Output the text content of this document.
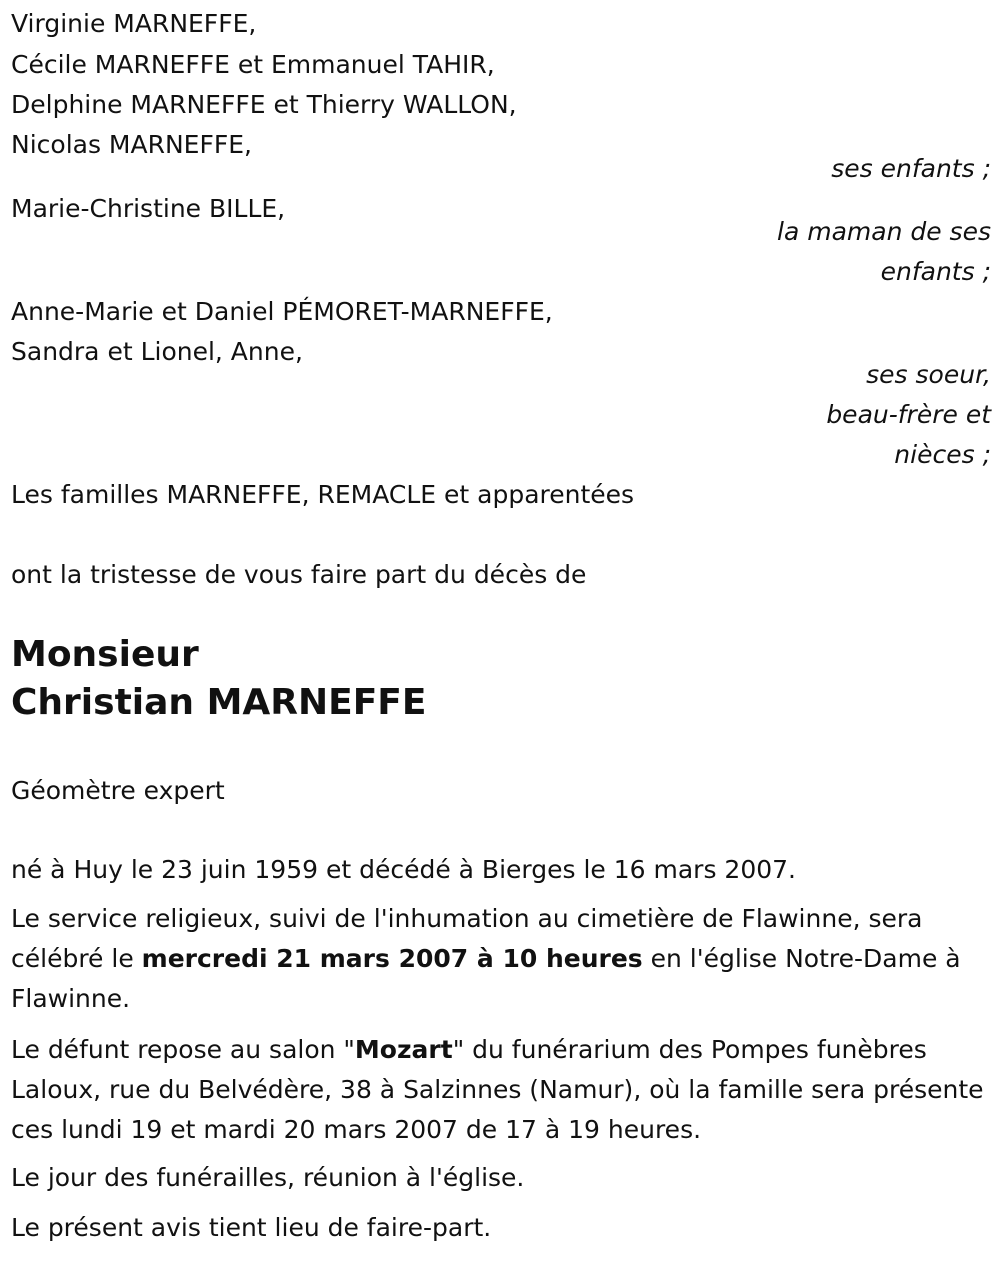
Virginie MARNEFFE,
Cécile MARNEFFE et Emmanuel TAHIR,
Delphine MARNEFFE et Thierry WALLON,
Nicolas MARNEFFE,
ses enfants ;
Marie-Christine BILLE,
la maman de ses
enfants ;
Anne-Marie et Daniel PÉMORET-MARNEFFE,
Sandra et Lionel, Anne,
ses soeur,
beau-frère et
nièces ;
Les familles MARNEFFE, REMACLE et apparentées
ont la tristesse de vous faire part du décès de
Monsieur
Christian MARNEFFE
Géomètre expert
né à Huy le 23 juin 1959 et décédé à Bierges le 16 mars 2007.
Le service religieux, suivi de l'inhumation au cimetière de Flawinne, sera célébré le mercredi 21 mars 2007 à 10 heures en l'église Notre-Dame à Flawinne.
Le défunt repose au salon "Mozart" du funérarium des Pompes funèbres Laloux, rue du Belvédère, 38 à Salzinnes (Namur), où la famille sera présente ces lundi 19 et mardi 20 mars 2007 de 17 à 19 heures.
Le jour des funérailles, réunion à l'église.
Le présent avis tient lieu de faire-part.
